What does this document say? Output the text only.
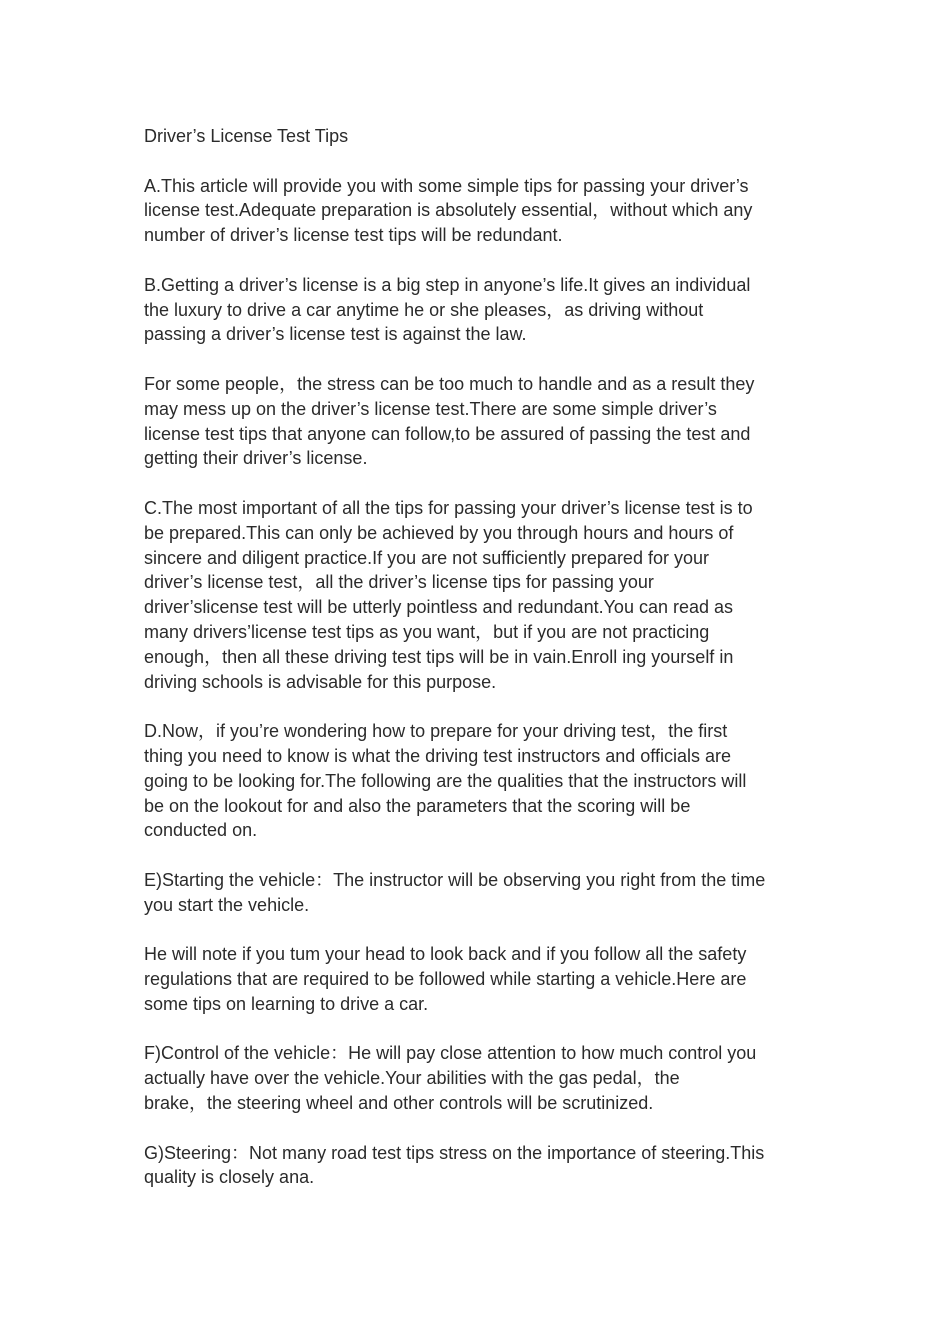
Driver’s License Test Tips
A.This article will provide you with some simple tips for passing your driver’s
license test.Adequate preparation is absolutely essential，without which any
number of driver’s license test tips will be redundant.
B.Getting a driver’s license is a big step in anyone’s life.It gives an individual
the luxury to drive a car anytime he or she pleases，as driving without
passing a driver’s license test is against the law.
For some people，the stress can be too much to handle and as a result they
may mess up on the driver’s license test.There are some simple driver’s
license test tips that anyone can follow,to be assured of passing the test and
getting their driver’s license.
C.The most important of all the tips for passing your driver’s license test is to
be prepared.This can only be achieved by you through hours and hours of
sincere and diligent practice.If you are not sufficiently prepared for your
driver’s license test，all the driver’s license tips for passing your
driver’slicense test will be utterly pointless and redundant.You can read as
many drivers’license test tips as you want，but if you are not practicing
enough，then all these driving test tips will be in vain.Enroll ing yourself in
driving schools is advisable for this purpose.
D.Now，if you’re wondering how to prepare for your driving test，the first
thing you need to know is what the driving test instructors and officials are
going to be looking for.The following are the qualities that the instructors will
be on the lookout for and also the parameters that the scoring will be
conducted on.
E)Starting the vehicle：The instructor will be observing you right from the time
you start the vehicle.
He will note if you tum your head to look back and if you follow all the safety
regulations that are required to be followed while starting a vehicle.Here are
some tips on learning to drive a car.
F)Control of the vehicle：He will pay close attention to how much control you
actually have over the vehicle.Your abilities with the gas pedal，the
brake，the steering wheel and other controls will be scrutinized.
G)Steering：Not many road test tips stress on the importance of steering.This
quality is closely ana.
